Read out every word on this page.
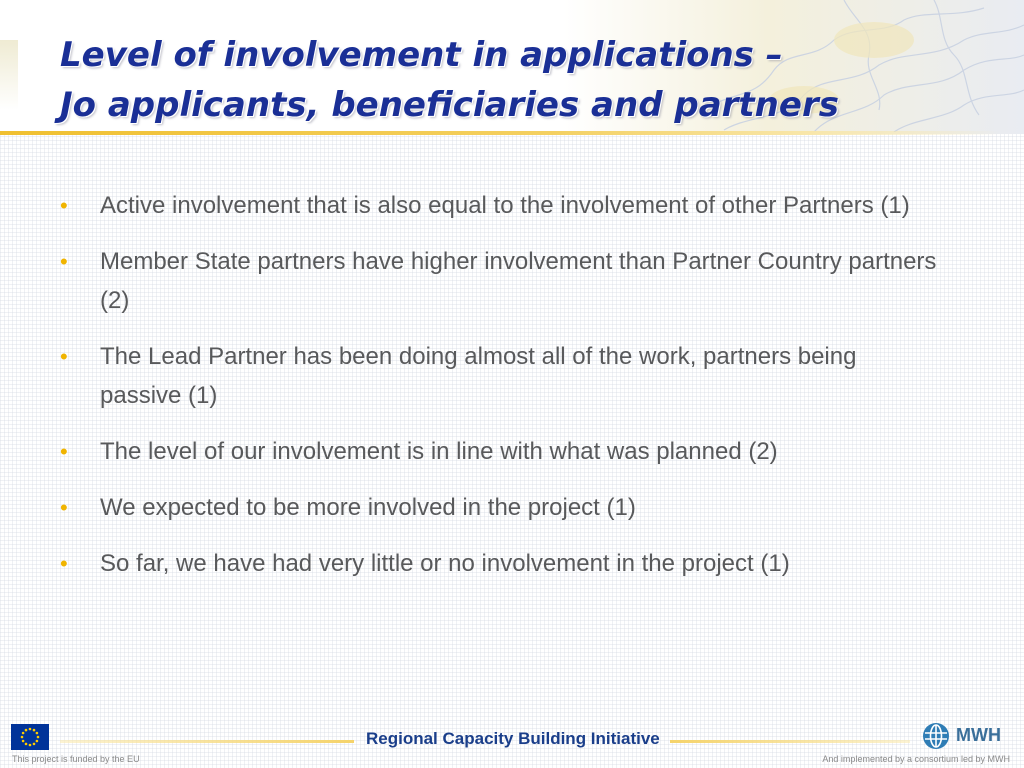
Level of involvement in applications –
Jo applicants, beneficiaries and partners
• Active involvement that is also equal to the involvement of other Partners (1)
• Member State partners have higher involvement than Partner Country partners (2)
• The Lead Partner has been doing almost all of the work, partners being passive (1)
• The level of our involvement is in line with what was planned (2)
• We expected to be more involved in the project (1)
• So far, we have had very little or no involvement in the project (1)
This project is funded by the EU
Regional Capacity Building Initiative	MWH
And implemented by a consortium led by MWH
